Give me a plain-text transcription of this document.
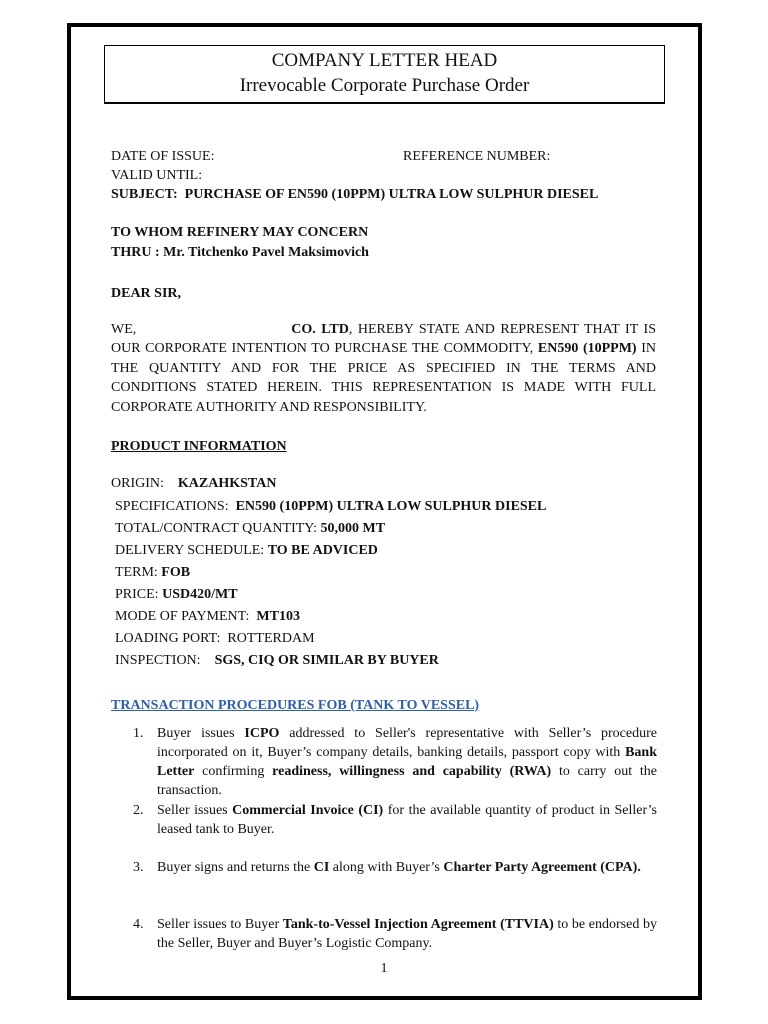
COMPANY LETTER HEAD
Irrevocable Corporate Purchase Order
DATE OF ISSUE:	REFERENCE NUMBER:
VALID UNTIL:
SUBJECT: PURCHASE OF EN590 (10PPM) ULTRA LOW SULPHUR DIESEL
TO WHOM REFINERY MAY CONCERN
THRU : Mr. Titchenko Pavel Maksimovich
DEAR SIR,
WE,	CO. LTD, HEREBY STATE AND REPRESENT THAT IT IS OUR CORPORATE INTENTION TO PURCHASE THE COMMODITY, EN590 (10PPM) IN THE QUANTITY AND FOR THE PRICE AS SPECIFIED IN THE TERMS AND CONDITIONS STATED HEREIN. THIS REPRESENTATION IS MADE WITH FULL CORPORATE AUTHORITY AND RESPONSIBILITY.
PRODUCT INFORMATION
ORIGIN: KAZAHKSTAN
SPECIFICATIONS: EN590 (10PPM) ULTRA LOW SULPHUR DIESEL
TOTAL/CONTRACT QUANTITY: 50,000 MT
DELIVERY SCHEDULE: TO BE ADVICED
TERM: FOB
PRICE: USD420/MT
MODE OF PAYMENT: MT103
LOADING PORT: ROTTERDAM
INSPECTION: SGS, CIQ OR SIMILAR BY BUYER
TRANSACTION PROCEDURES FOB (TANK TO VESSEL)
1. Buyer issues ICPO addressed to Seller's representative with Seller’s procedure incorporated on it, Buyer’s company details, banking details, passport copy with Bank Letter confirming readiness, willingness and capability (RWA) to carry out the transaction.
2. Seller issues Commercial Invoice (CI) for the available quantity of product in Seller’s leased tank to Buyer.
3. Buyer signs and returns the CI along with Buyer’s Charter Party Agreement (CPA).
4. Seller issues to Buyer Tank-to-Vessel Injection Agreement (TTVIA) to be endorsed by the Seller, Buyer and Buyer’s Logistic Company.
1
